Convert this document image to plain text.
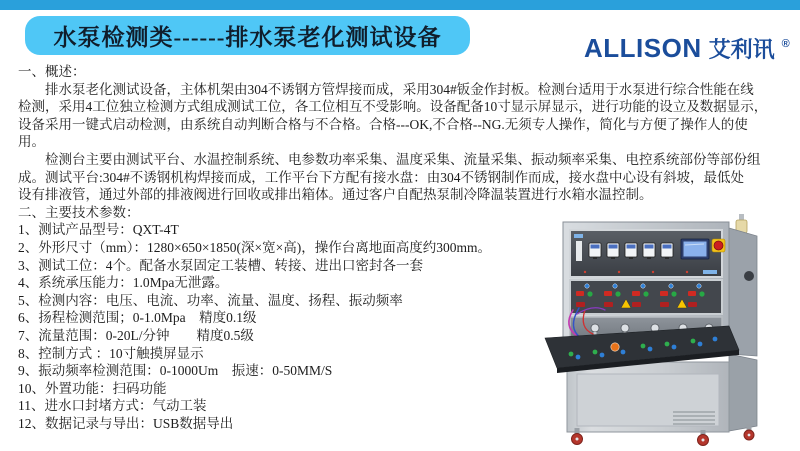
水泵检测类------排水泵老化测试设备	ALLISON 艾利讯 ®
一、概述：
排水泵老化测试设备，主体机架由304不诱钢方管焊接而成，采用304#钣金作封板。检测台适用于水泵进行综合性能在线
检测，采用4工位独立检测方式组成测试工位，各工位相互不受影响。设备配备10寸显示屏显示，进行功能的设立及数据显示，
设备采用一键式启动检测，由系统自动判断合格与不合格。合格---OK,不合格--NG.无须专人操作，简化与方便了操作人的使
用。
检测台主要由测试平台、水温控制系统、电参数功率采集、温度采集、流量采集、振动频率采集、电控系统部份等部份组
成。测试平台:304#不诱钢机构焊接而成，工作平台下方配有接水盘：由304不锈钢制作而成，接水盘中心设有斜坡，最低处
设有排液管，通过外部的排液阀进行回收或排出箱体。通过客户自配热泵制冷降温装置进行水箱水温控制。
二、主要技术参数：
1、测试产品型号：QXT-4T
2、外形尺寸（mm）：1280×650×1850(深×宽×高)，操作台离地面高度约300mm。
3、测试工位：4个。配备水泵固定工装槽、转接、进出口密封各一套
4、系统承压能力：1.0Mpa无泄露。
5、检测内容：电压、电流、功率、流量、温度、扬程、振动频率
6、扬程检测范围；0-1.0Mpa　精度0.1级
7、流量范围：0-20L/分钟　　精度0.5级
8、控制方式 ：10寸触摸屏显示
9、振动频率检测范围：0-1000Um　振速：0-50MM/S
10、外置功能：扫码功能
11、进水口封堵方式：气动工装
12、数据记录与导出：USB数据导出
